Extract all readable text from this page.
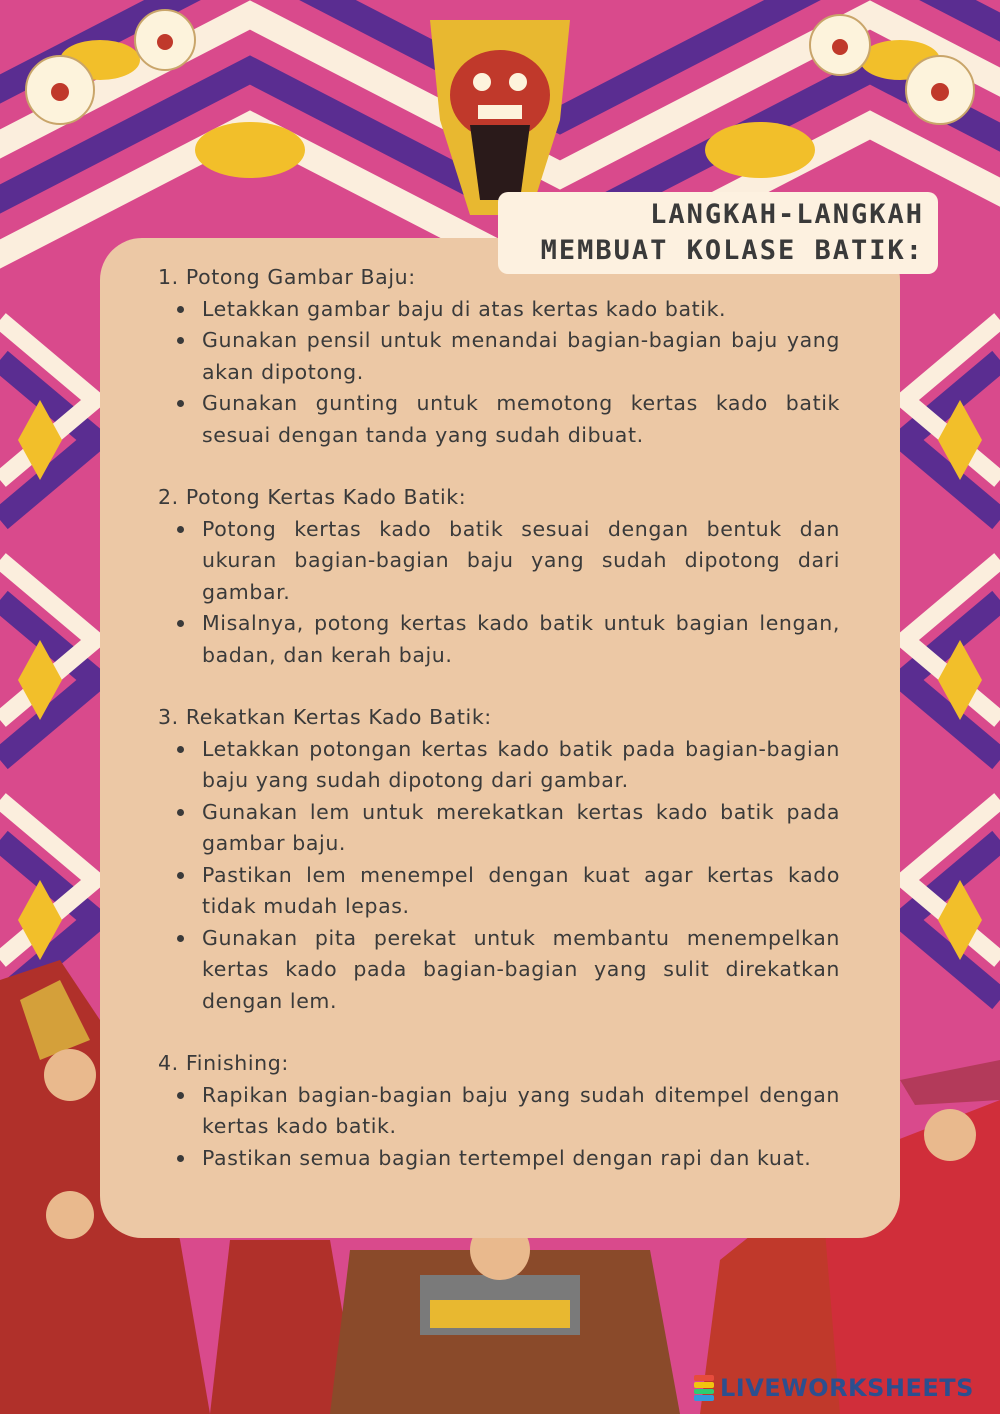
LANGKAH-LANGKAH
MEMBUAT KOLASE BATIK:
1. Potong Gambar Baju:
Letakkan gambar baju di atas kertas kado batik.
Gunakan pensil untuk menandai bagian-bagian baju yang akan dipotong.
Gunakan gunting untuk memotong kertas kado batik sesuai dengan tanda yang sudah dibuat.
2. Potong Kertas Kado Batik:
Potong kertas kado batik sesuai dengan bentuk dan ukuran bagian-bagian baju yang sudah dipotong dari gambar.
Misalnya, potong kertas kado batik untuk bagian lengan, badan, dan kerah baju.
3. Rekatkan Kertas Kado Batik:
Letakkan potongan kertas kado batik pada bagian-bagian baju yang sudah dipotong dari gambar.
Gunakan lem untuk merekatkan kertas kado batik pada gambar baju.
Pastikan lem menempel dengan kuat agar kertas kado tidak mudah lepas.
Gunakan pita perekat untuk membantu menempelkan kertas kado pada bagian-bagian yang sulit direkatkan dengan lem.
4. Finishing:
Rapikan bagian-bagian baju yang sudah ditempel dengan kertas kado batik.
Pastikan semua bagian tertempel dengan rapi dan kuat.
LIVEWORKSHEETS
